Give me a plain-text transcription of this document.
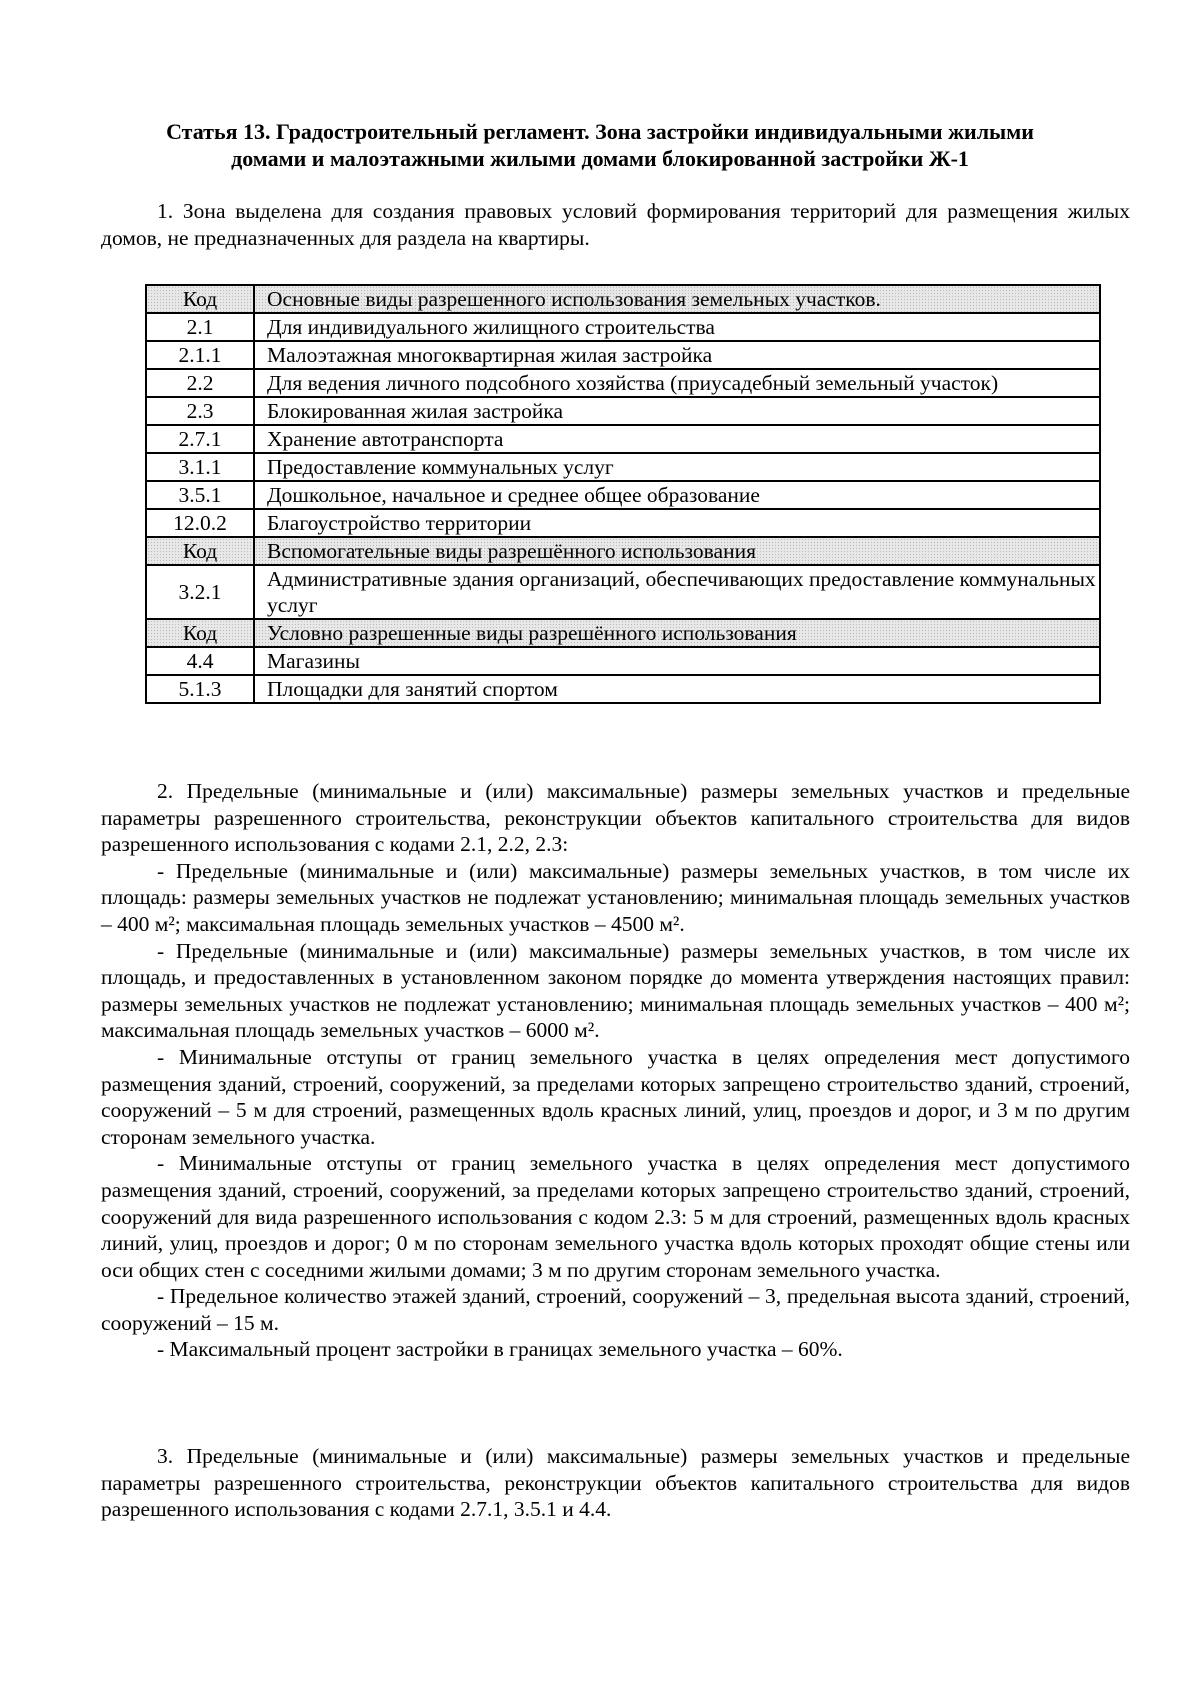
Статья 13. Градостроительный регламент. Зона застройки индивидуальными жилыми
домами и малоэтажными жилыми домами блокированной застройки Ж-1

1. Зона выделена для создания правовых условий формирования территорий для размещения жилых домов, не предназначенных для раздела на квартиры.

Код	Основные виды разрешенного использования земельных участков.
2.1	Для индивидуального жилищного строительства
2.1.1	Малоэтажная многоквартирная жилая застройка
2.2	Для ведения личного подсобного хозяйства (приусадебный земельный участок)
2.3	Блокированная жилая застройка
2.7.1	Хранение автотранспорта
3.1.1	Предоставление коммунальных услуг
3.5.1	Дошкольное, начальное и среднее общее образование
12.0.2	Благоустройство территории
Код	Вспомогательные виды разрешённого использования
3.2.1	Административные здания организаций, обеспечивающих предоставление коммунальных услуг
Код	Условно разрешенные виды разрешённого использования
4.4	Магазины
5.1.3	Площадки для занятий спортом

2. Предельные (минимальные и (или) максимальные) размеры земельных участков и предельные параметры разрешенного строительства, реконструкции объектов капитального строительства для видов разрешенного использования с кодами 2.1, 2.2, 2.3:

- Предельные (минимальные и (или) максимальные) размеры земельных участков, в том числе их площадь: размеры земельных участков не подлежат установлению; минимальная площадь земельных участков – 400 м²; максимальная площадь земельных участков – 4500 м².

- Предельные (минимальные и (или) максимальные) размеры земельных участков, в том числе их площадь, и предоставленных в установленном законом порядке до момента утверждения настоящих правил: размеры земельных участков не подлежат установлению; минимальная площадь земельных участков – 400 м²; максимальная площадь земельных участков – 6000 м².

- Минимальные отступы от границ земельного участка в целях определения мест допустимого размещения зданий, строений, сооружений, за пределами которых запрещено строительство зданий, строений, сооружений – 5 м для строений, размещенных вдоль красных линий, улиц, проездов и дорог, и 3 м по другим сторонам земельного участка.

- Минимальные отступы от границ земельного участка в целях определения мест допустимого размещения зданий, строений, сооружений, за пределами которых запрещено строительство зданий, строений, сооружений для вида разрешенного использования с кодом 2.3: 5 м для строений, размещенных вдоль красных линий, улиц, проездов и дорог; 0 м по сторонам земельного участка вдоль которых проходят общие стены или оси общих стен с соседними жилыми домами; 3 м по другим сторонам земельного участка.

- Предельное количество этажей зданий, строений, сооружений – 3, предельная высота зданий, строений, сооружений – 15 м.

- Максимальный процент застройки в границах земельного участка – 60%.

3. Предельные (минимальные и (или) максимальные) размеры земельных участков и предельные параметры разрешенного строительства, реконструкции объектов капитального строительства для видов разрешенного использования с кодами 2.7.1, 3.5.1 и 4.4.
